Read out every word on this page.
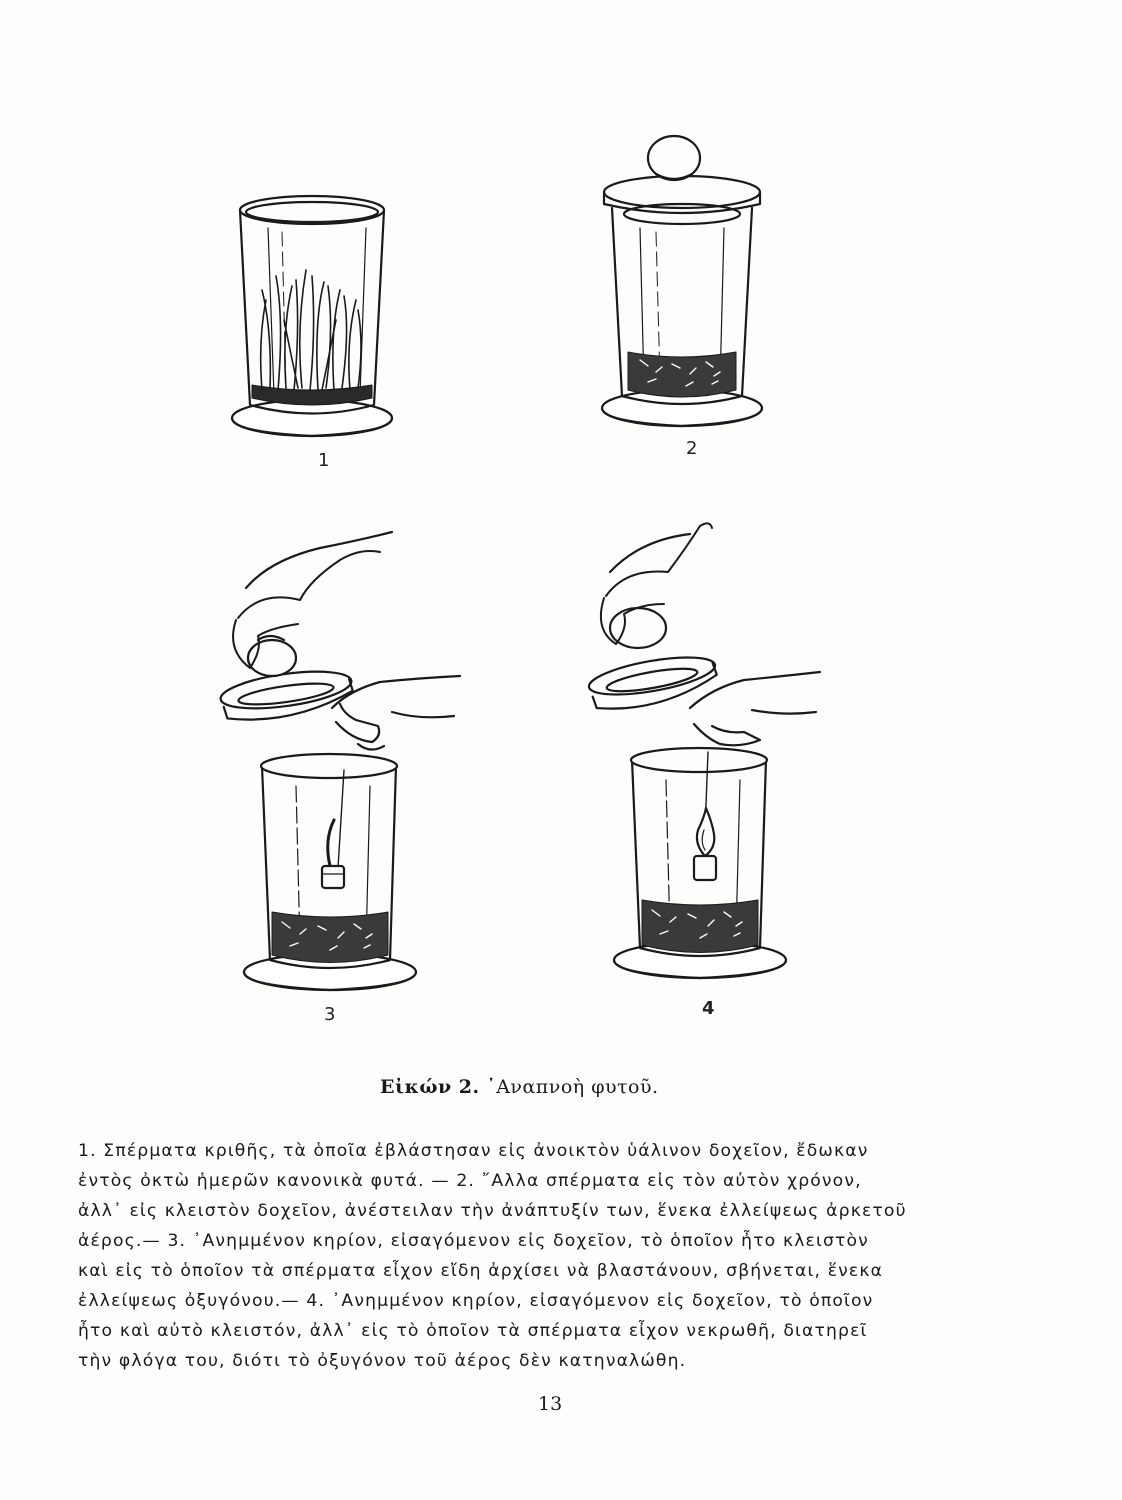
1
2
3	4
Εἰκών 2. ᾽Αναπνοὴ φυτοῦ.
1. Σπέρματα κριθῆς, τὰ ὁποῖα ἐβλάστησαν εἰς ἀνοικτὸν ὑάλινον δοχεῖον, ἔδωκαν
ἐντὸς ὀκτὼ ἡμερῶν κανονικὰ φυτά. — 2. ῎Αλλα σπέρματα εἰς τὸν αὐτὸν χρόνον,
ἀλλ᾽ εἰς κλειστὸν δοχεῖον, ἀνέστειλαν τὴν ἀνάπτυξίν των, ἕνεκα ἐλλείψεως ἀρκετοῦ
ἀέρος.— 3. ᾽Ανημμένον κηρίον, εἰσαγόμενον εἰς δοχεῖον, τὸ ὁποῖον ἦτο κλειστὸν
καὶ εἰς τὸ ὁποῖον τὰ σπέρματα εἶχον εἴδη ἀρχίσει νὰ βλαστάνουν, σβήνεται, ἕνεκα
ἐλλείψεως ὀξυγόνου.— 4. ᾽Ανημμένον κηρίον, εἰσαγόμενον εἰς δοχεῖον, τὸ ὁποῖον
ἦτο καὶ αὐτὸ κλειστόν, ἀλλ᾽ εἰς τὸ ὁποῖον τὰ σπέρματα εἶχον νεκρωθῆ, διατηρεῖ
τὴν φλόγα του, διότι τὸ ὀξυγόνον τοῦ ἀέρος δὲν κατηναλώθη.
13
